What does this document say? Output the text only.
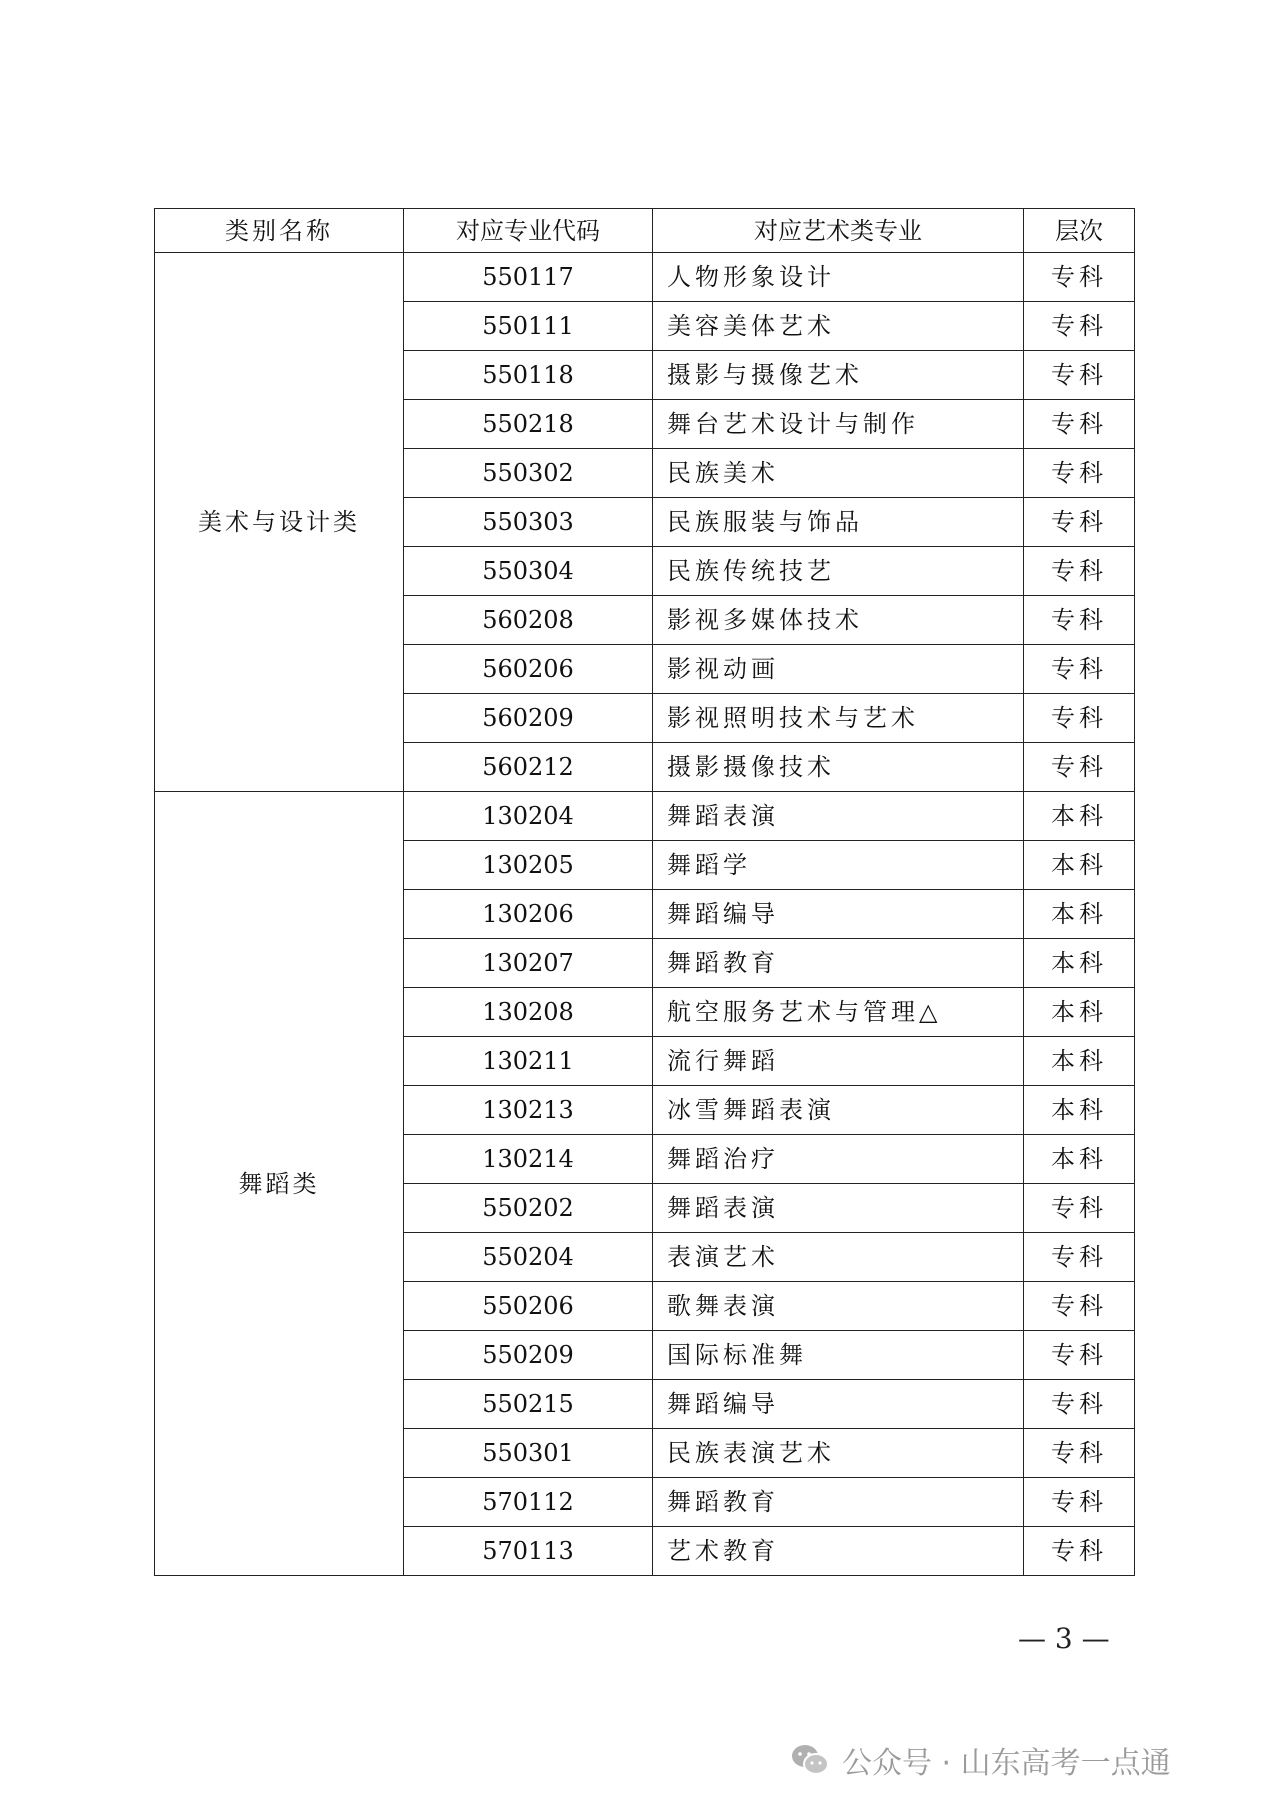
类别名称	对应专业代码	对应艺术类专业	层次
美术与设计类	550117	人物形象设计	专科
	550111	美容美体艺术	专科
	550118	摄影与摄像艺术	专科
	550218	舞台艺术设计与制作	专科
	550302	民族美术	专科
	550303	民族服装与饰品	专科
	550304	民族传统技艺	专科
	560208	影视多媒体技术	专科
	560206	影视动画	专科
	560209	影视照明技术与艺术	专科
	560212	摄影摄像技术	专科
舞蹈类	130204	舞蹈表演	本科
	130205	舞蹈学	本科
	130206	舞蹈编导	本科
	130207	舞蹈教育	本科
	130208	航空服务艺术与管理△	本科
	130211	流行舞蹈	本科
	130213	冰雪舞蹈表演	本科
	130214	舞蹈治疗	本科
	550202	舞蹈表演	专科
	550204	表演艺术	专科
	550206	歌舞表演	专科
	550209	国际标准舞	专科
	550215	舞蹈编导	专科
	550301	民族表演艺术	专科
	570112	舞蹈教育	专科
	570113	艺术教育	专科
— 3 —
公众号 · 山东高考一点通
